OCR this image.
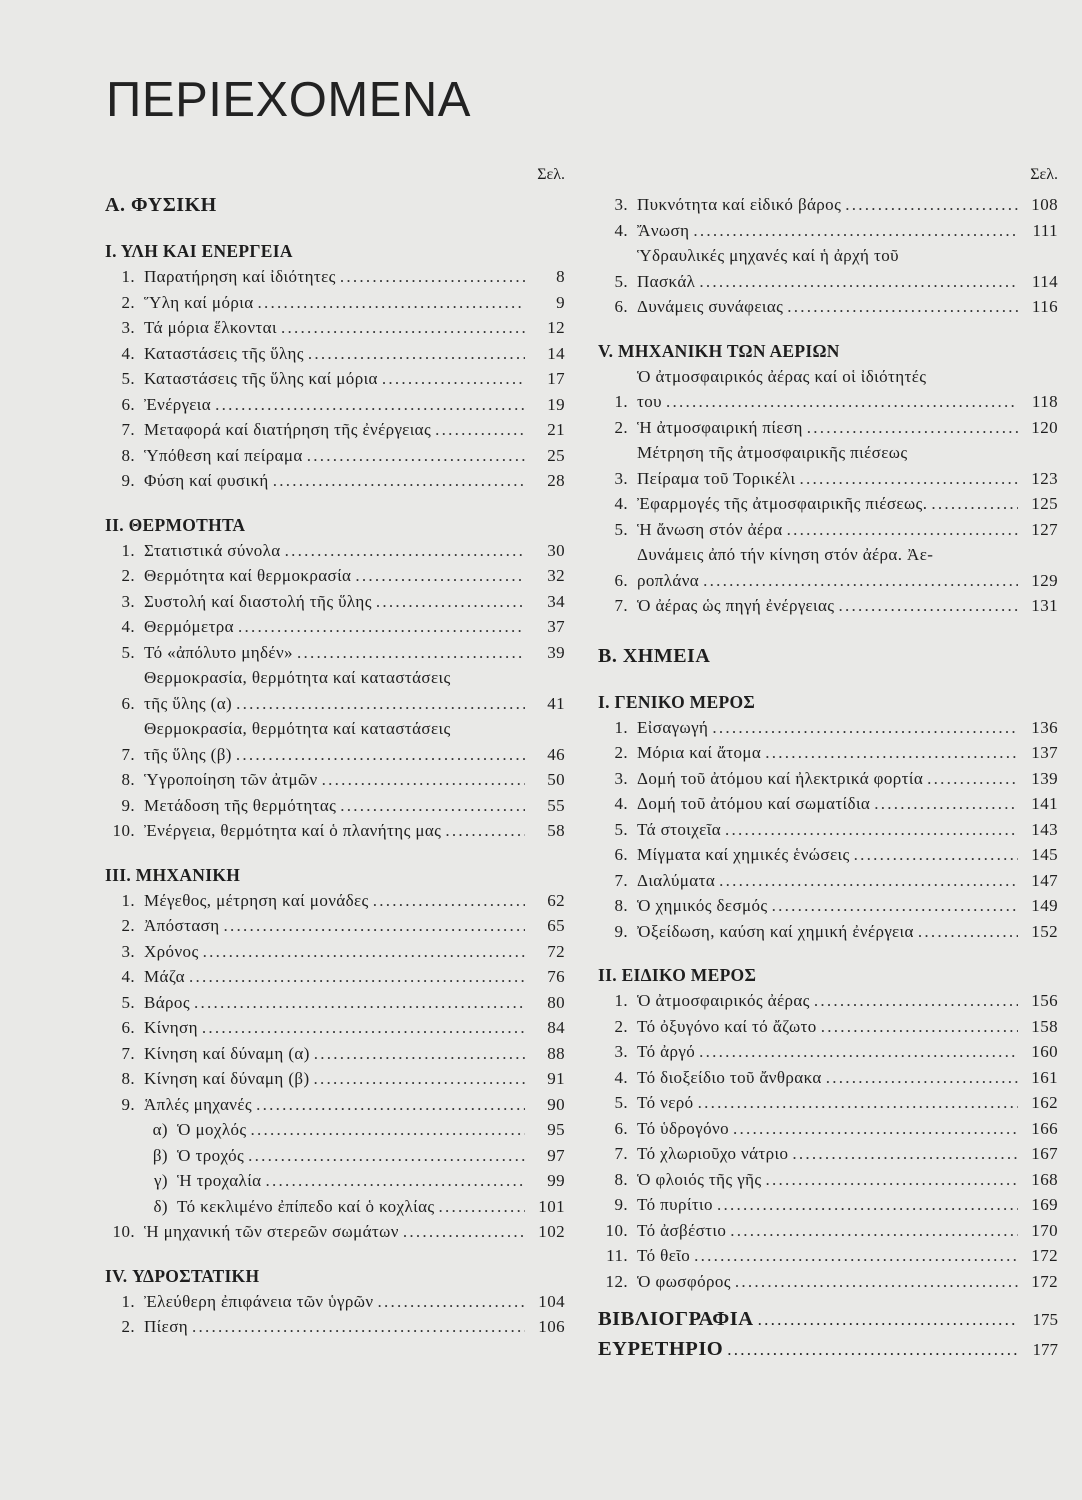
ΠΕΡΙΕΧΟΜΕΝΑ
Σελ.
Α. ΦΥΣΙΚΗ
Ι. ΥΛΗ ΚΑΙ ΕΝΕΡΓΕΙΑ
1. Παρατήρηση καί ἰδιότητες . . .	8
2. Ὕλη καί μόρια . . .	9
3. Τά μόρια ἕλκονται . . .	12
4. Καταστάσεις τῆς ὕλης . . .	14
5. Καταστάσεις τῆς ὕλης καί μόρια . . .	17
6. Ἐνέργεια . . .	19
7. Μεταφορά καί διατήρηση τῆς ἐνέργειας . . .	21
8. Ὑπόθεση καί πείραμα . . .	25
9. Φύση καί φυσική . . .	28
ΙΙ. ΘΕΡΜΟΤΗΤΑ
1. Στατιστικά σύνολα . . .	30
2. Θερμότητα καί θερμοκρασία . . .	32
3. Συστολή καί διαστολή τῆς ὕλης . . .	34
4. Θερμόμετρα . . .	37
5. Τό «ἀπόλυτο μηδέν» . . .	39
6.
Θερμοκρασία, θερμότητα καί καταστάσεις
τῆς ὕλης (α) . . .	41
7.
Θερμοκρασία, θερμότητα καί καταστάσεις
τῆς ὕλης (β) . . .	46
8. Ὑγροποίηση τῶν ἀτμῶν . . .	50
9. Μετάδοση τῆς θερμότητας . . .	55
10. Ἐνέργεια, θερμότητα καί ὁ πλανήτης μας . . .	58
ΙΙΙ. ΜΗΧΑΝΙΚΗ
1. Μέγεθος, μέτρηση καί μονάδες . . .	62
2. Ἀπόσταση . . .	65
3. Χρόνος . . .	72
4. Μάζα . . .	76
5. Βάρος . . .	80
6. Κίνηση . . .	84
7. Κίνηση καί δύναμη (α) . . .	88
8. Κίνηση καί δύναμη (β) . . .	91
9. Ἁπλές μηχανές . . .	90
α) Ὁ μοχλός . . .	95
β) Ὁ τροχός . . .	97
γ) Ἡ τροχαλία . . .	99
δ) Τό κεκλιμένο ἐπίπεδο καί ὁ κοχλίας . . .	101
10. Ἡ μηχανική τῶν στερεῶν σωμάτων . . .	102
ΙV. ΥΔΡΟΣΤΑΤΙΚΗ
1. Ἐλεύθερη ἐπιφάνεια τῶν ὑγρῶν . . .	104
2. Πίεση . . .	106
Σελ.
3. Πυκνότητα καί εἰδικό βάρος . . .	108
4. Ἄνωση . . .	111
5.
Ὑδραυλικές μηχανές καί ἡ ἀρχή τοῦ
Πασκάλ . . .	114
6. Δυνάμεις συνάφειας . . .	116
V. ΜΗΧΑΝΙΚΗ ΤΩΝ ΑΕΡΙΩΝ
1.
Ὁ ἀτμοσφαιρικός ἀέρας καί οἱ ἰδιότητές
του . . .	118
2. Ἡ ἀτμοσφαιρική πίεση . . .	120
3.
Μέτρηση τῆς ἀτμοσφαιρικῆς πιέσεως
Πείραμα τοῦ Τορικέλι . . .	123
4. Ἐφαρμογές τῆς ἀτμοσφαιρικῆς πιέσεως. . . .	125
5. Ἡ ἄνωση στόν ἀέρα . . .	127
6.
Δυνάμεις ἀπό τήν κίνηση στόν ἀέρα. Ἀε-
ροπλάνα . . .	129
7. Ὁ ἀέρας ὡς πηγή ἐνέργειας . . .	131
Β. ΧΗΜΕΙΑ
Ι. ΓΕΝΙΚΟ ΜΕΡΟΣ
1. Εἰσαγωγή . . .	136
2. Μόρια καί ἄτομα . . .	137
3. Δομή τοῦ ἀτόμου καί ἠλεκτρικά φορτία . . .	139
4. Δομή τοῦ ἀτόμου καί σωματίδια . . .	141
5. Τά στοιχεῖα . . .	143
6. Μίγματα καί χημικές ἑνώσεις . . .	145
7. Διαλύματα . . .	147
8. Ὁ χημικός δεσμός . . .	149
9. Ὀξείδωση, καύση καί χημική ἐνέργεια . . .	152
ΙΙ. ΕΙΔΙΚΟ ΜΕΡΟΣ
1. Ὁ ἀτμοσφαιρικός ἀέρας . . .	156
2. Τό ὀξυγόνο καί τό ἄζωτο . . .	158
3. Τό ἀργό . . .	160
4. Τό διοξείδιο τοῦ ἄνθρακα . . .	161
5. Τό νερό . . .	162
6. Τό ὑδρογόνο . . .	166
7. Τό χλωριοῦχο νάτριο . . .	167
8. Ὁ φλοιός τῆς γῆς . . .	168
9. Τό πυρίτιο . . .	169
10. Τό ἀσβέστιο . . .	170
11. Τό θεῖο . . .	172
12. Ὁ φωσφόρος . . .	172
ΒΙΒΛΙΟΓΡΑΦΙΑ . . .	175
ΕΥΡΕΤΗΡΙΟ . . .	177
